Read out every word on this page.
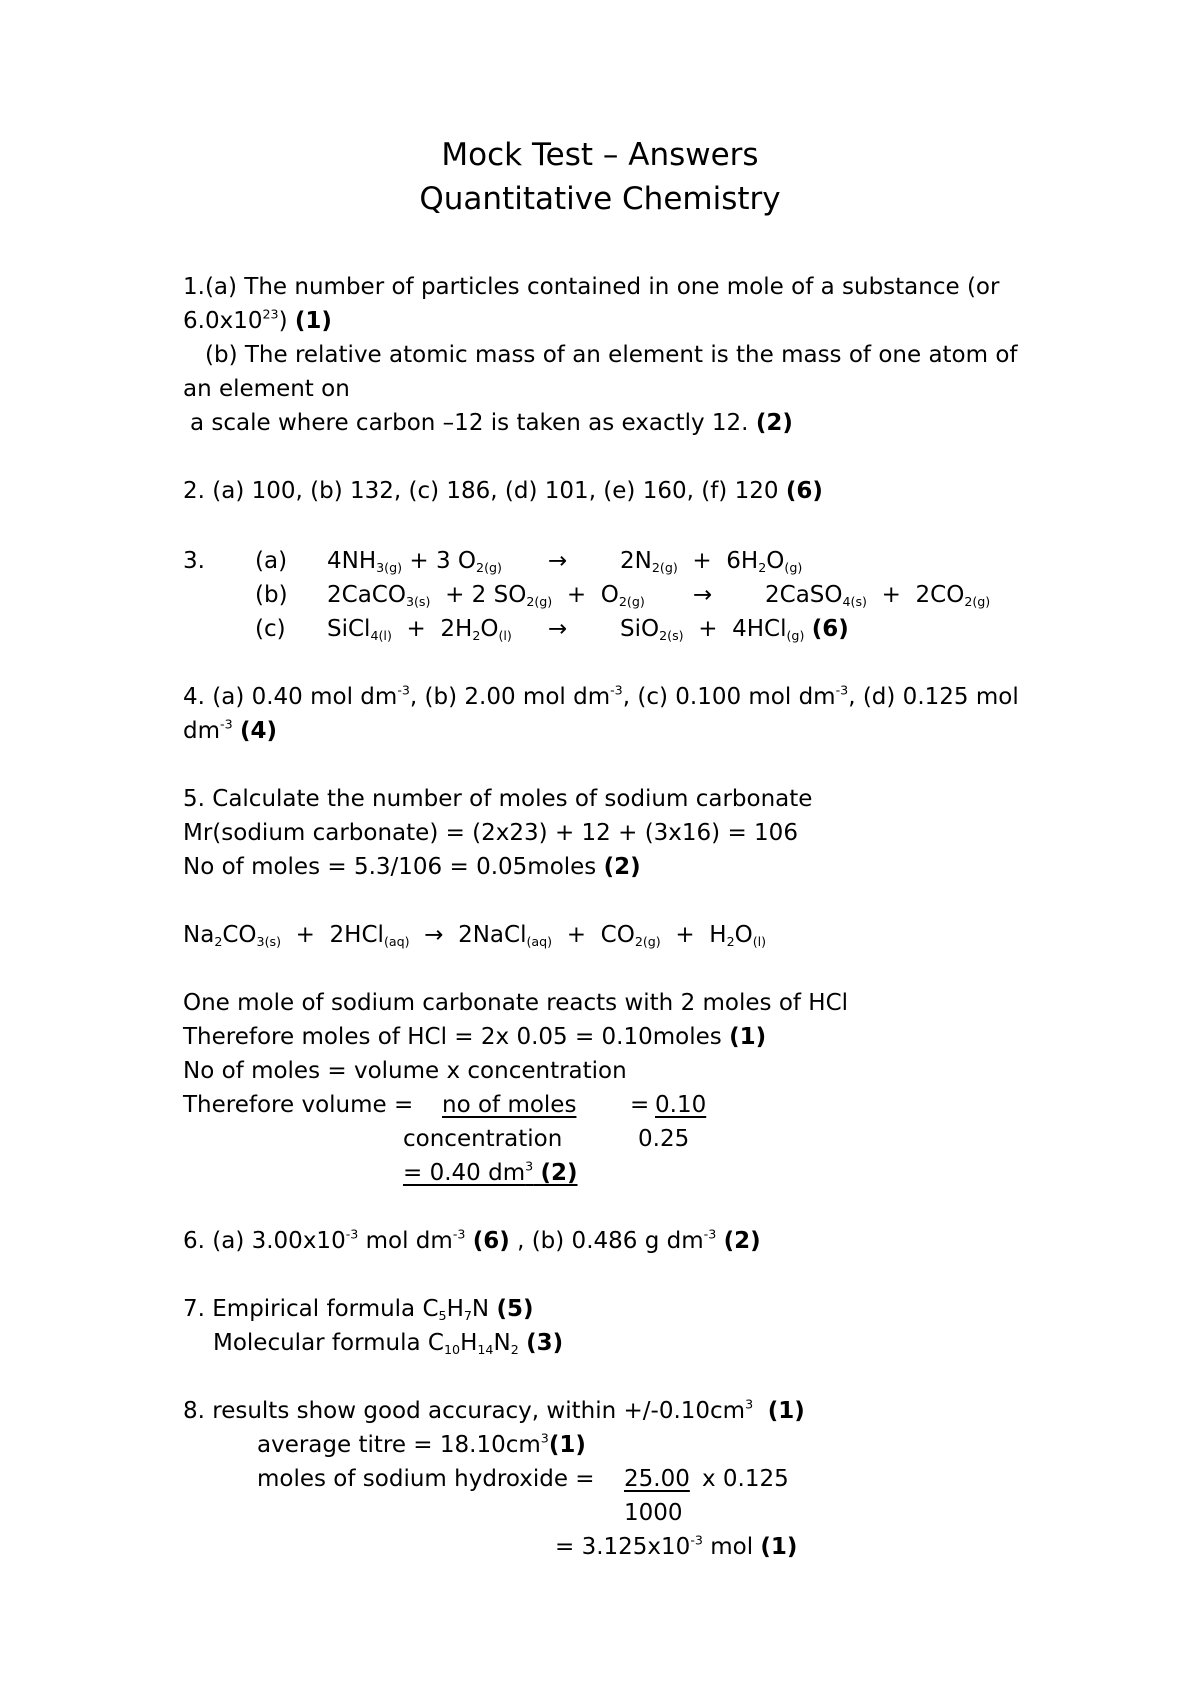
Mock Test – Answers
Quantitative Chemistry
1.(a) The number of particles contained in one mole of a substance (or
$6.0x10^{23}$) (1)
(b) The relative atomic mass of an element is the mass of one atom of
an element on
a scale where carbon –12 is taken as exactly 12. (2)
2. (a) 100, (b) 132, (c) 186, (d) 101, (e) 160, (f) 120 (6)
3. (a)
(b)
(c)
$4NH_{3(g)} + 3$ $O_{2(g)} \to 2N_{2(g)} + 6H_2O_{(g)}$
2CaCO$_{3(s)}$  + 2 $SO_{2(g)} + O_{2(g)}$ → 2CaSO$_{4(s)}$  +  $2CO_{2(g)}$
SiCl$_{4(l)}$  +  $2H_2O_{(l)} \to SiO_{2(s)} + 4HCl_{(g)}$ (6)
4. (a) 0.40 mol $dm^{-3}$, (b) 2.00 mol $dm^{-3}$, (c) 0.100 mol $dm^{-3}$, (d) 0.125 mol
$dm^{-3}$ (4)
5. Calculate the number of moles of sodium carbonate
Mr(sodium carbonate) = (2x23) + 12 + (3x16) = 106
No of moles = 5.3/106 = 0.05moles (2)
$Na_2CO_{3(s)} + 2HCl_{(aq)}$  →  2NaCl$_{(aq)}$  +  $CO_{2(g)} + H_2O_{(l)}$
One mole of sodium carbonate reacts with 2 moles of HCl
Therefore moles of HCl = 2x 0.05 = 0.10moles (1)
No of moles = volume x concentration
Therefore volume = no of moles = 0.10
concentration	0.25
= 0.40 $dm^3$ (2)
6. (a) $3.00x10^{-3}$ mol $dm^{-3}$ (6) , (b) 0.486 g $dm^{-3}$ (2)
7. Empirical formula $C_5H_7N$ (5)
Molecular formula $C_{10}H_{14}N_2$ (3)
8. results show good accuracy, within $+/-0.10cm^3$ (1)
average titre = $18.10cm^3(1)$
moles of sodium hydroxide = 25.00 x 0.125
1000
= $3.125x10^{-3}$ mol (1)
